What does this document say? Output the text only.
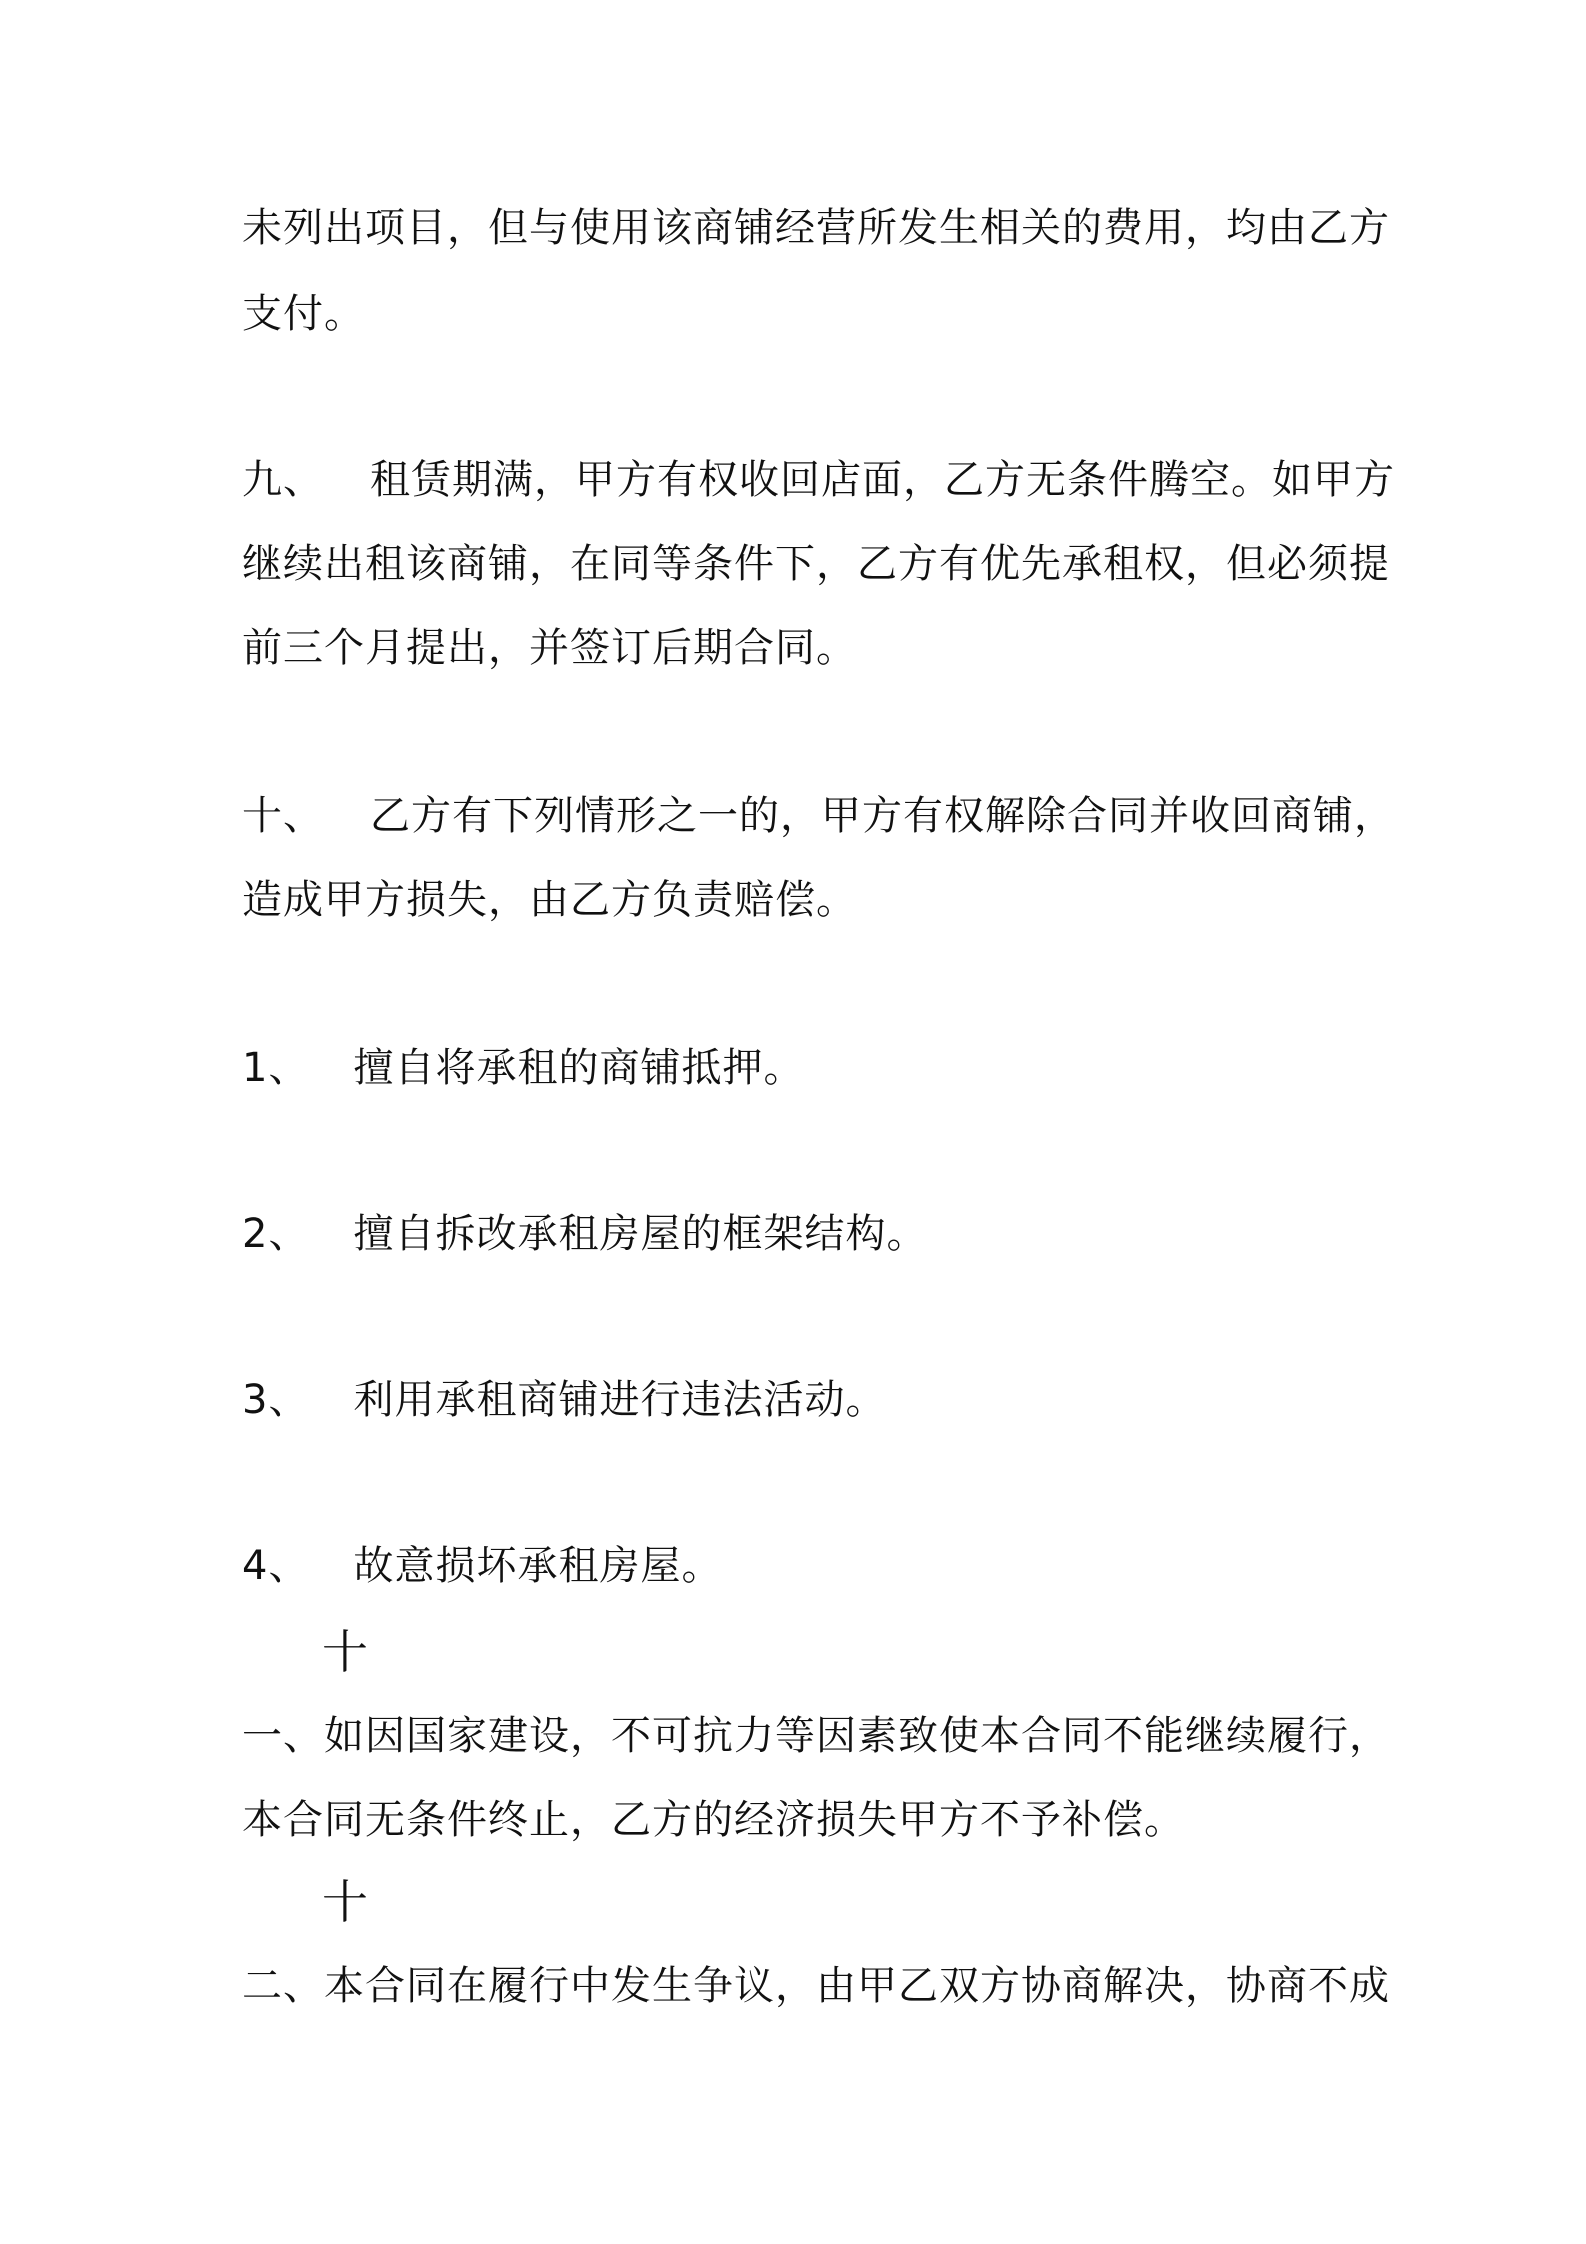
未列出项目，但与使用该商铺经营所发生相关的费用，均由乙方
支付。
九、 租赁期满，甲方有权收回店面，乙方无条件腾空。如甲方
继续出租该商铺，在同等条件下，乙方有优先承租权，但必须提
前三个月提出，并签订后期合同。
十、 乙方有下列情形之一的，甲方有权解除合同并收回商铺，
造成甲方损失，由乙方负责赔偿。
1、 擅自将承租的商铺抵押。
2、 擅自拆改承租房屋的框架结构。
3、 利用承租商铺进行违法活动。
4、 故意损坏承租房屋。
十
一、如因国家建设，不可抗力等因素致使本合同不能继续履行，
本合同无条件终止，乙方的经济损失甲方不予补偿。
十
二、本合同在履行中发生争议，由甲乙双方协商解决，协商不成
